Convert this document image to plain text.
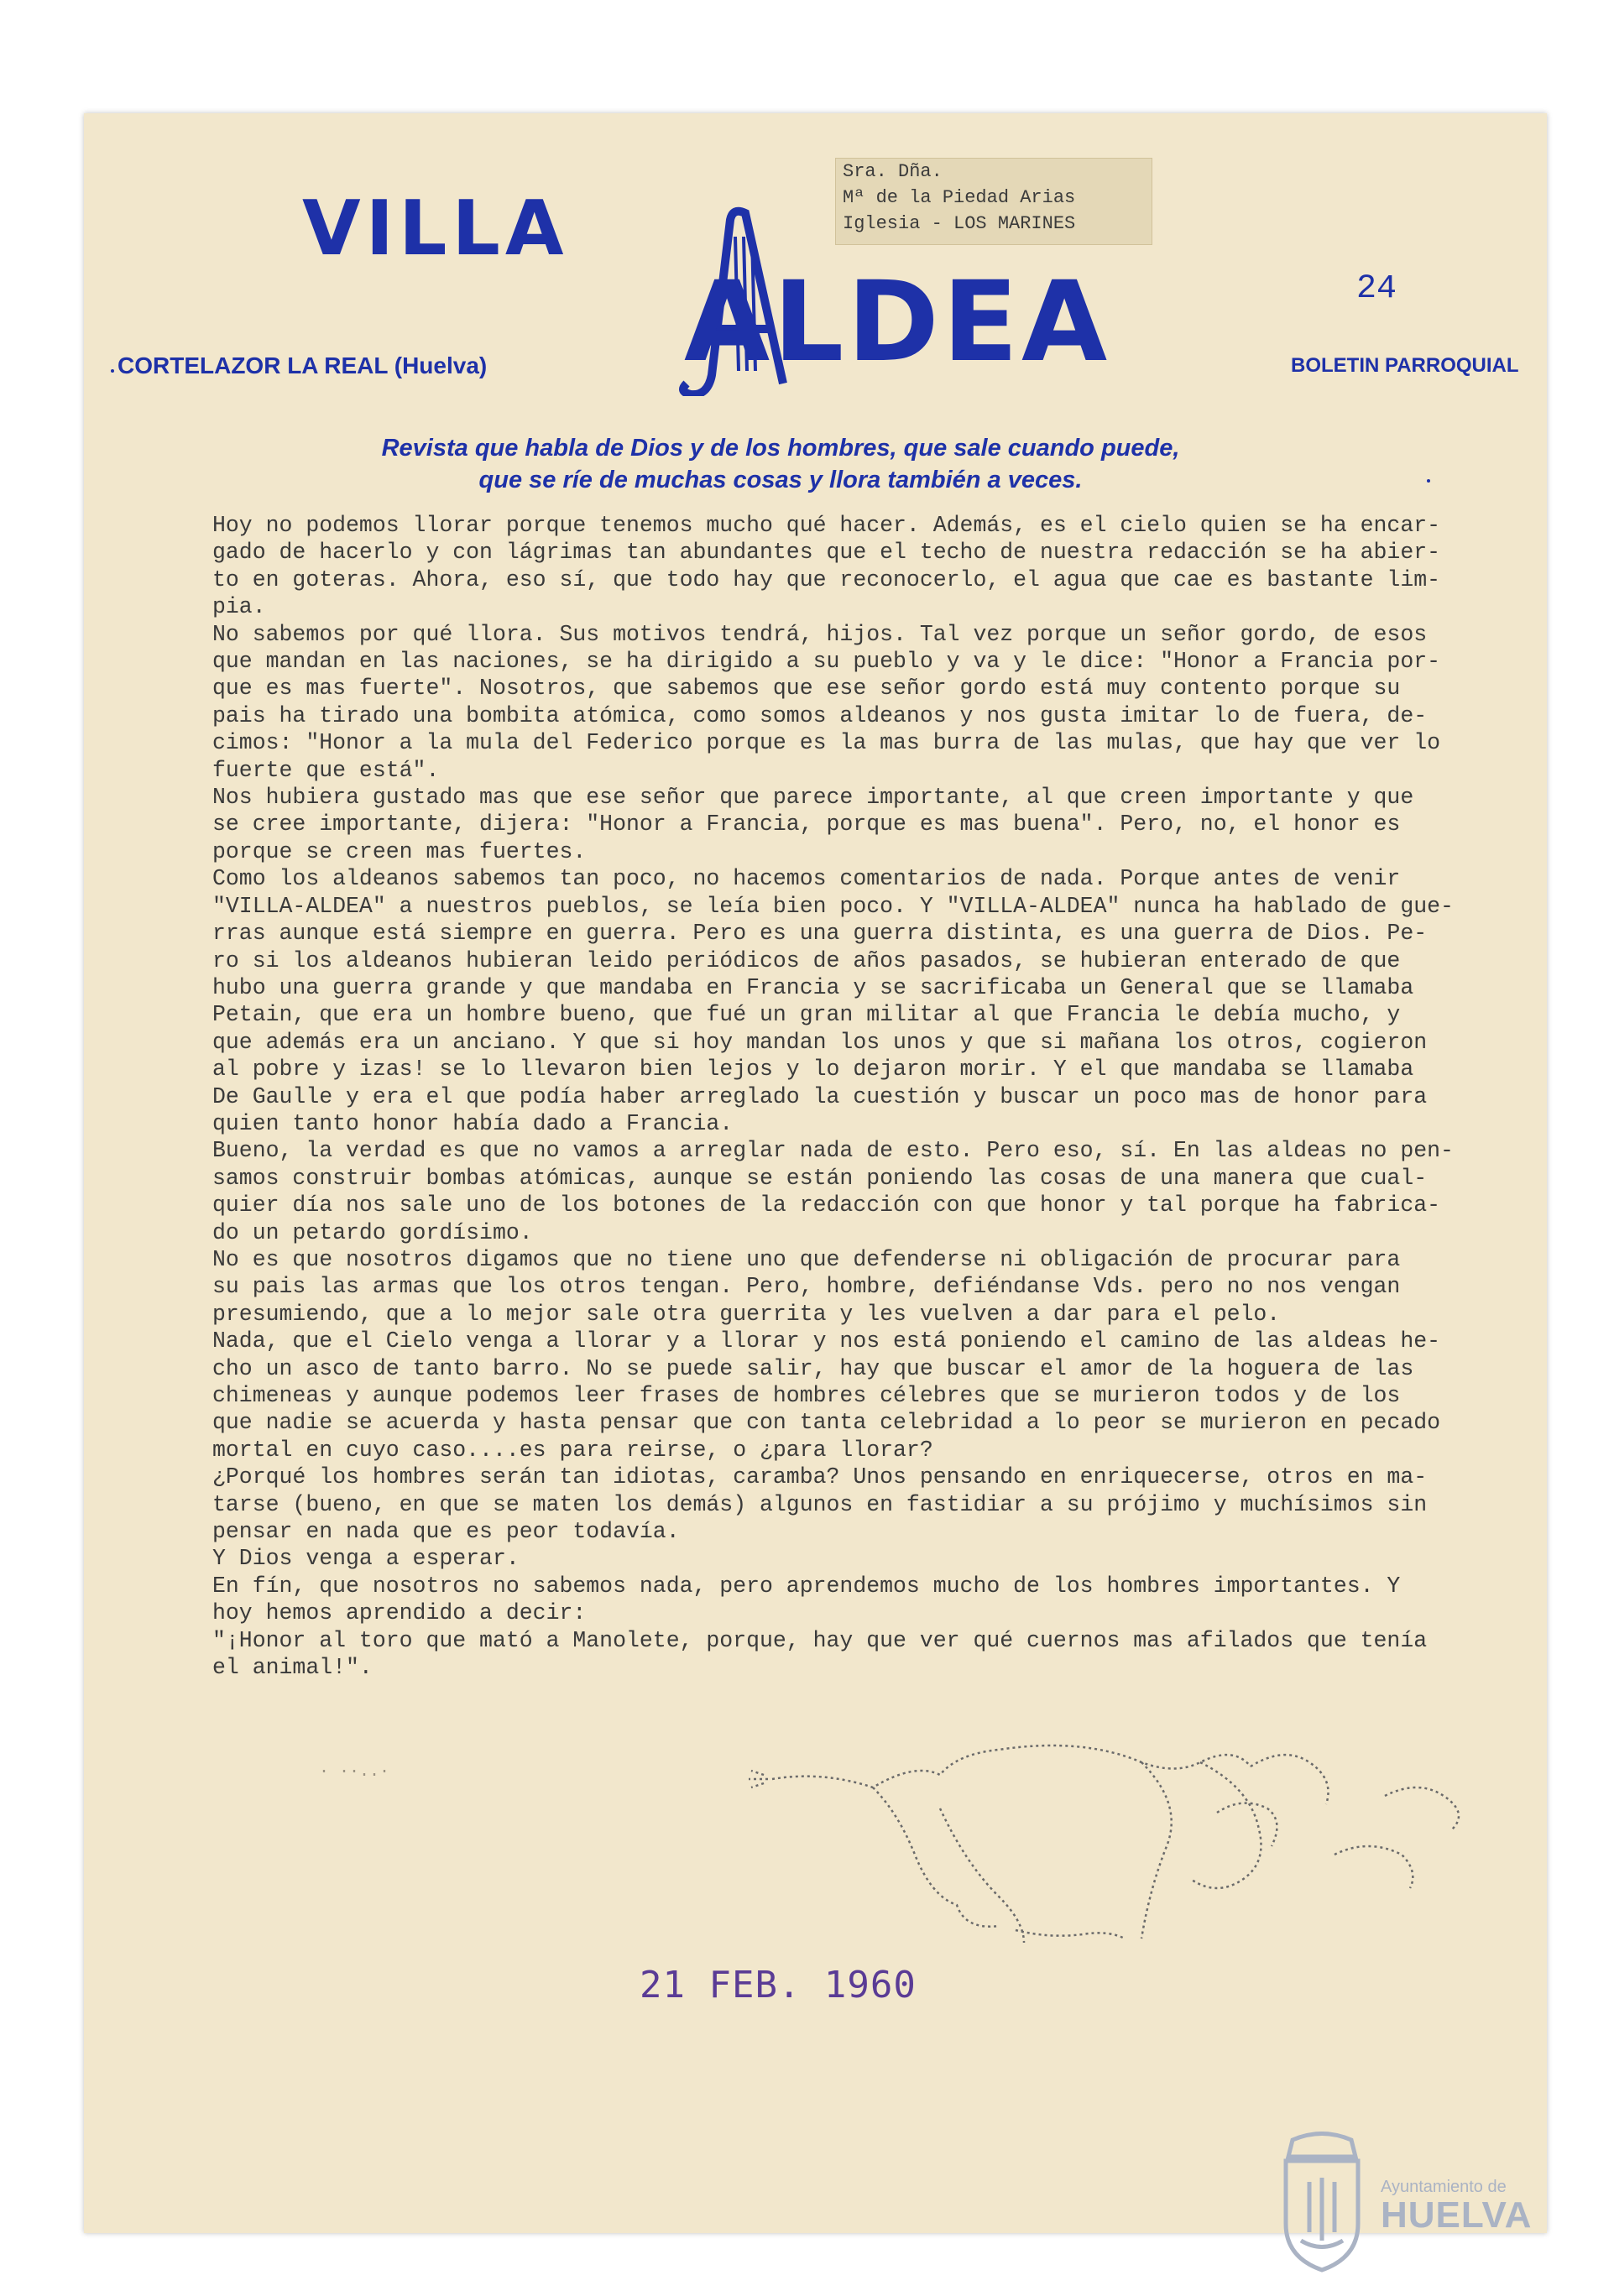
VILLA
ALDEA	24
CORTELAZOR LA REAL (Huelva)	BOLETIN PARROQUIAL
Sra. Dña.
Mª de la Piedad Arias
Iglesia - LOS MARINES
Revista que habla de Dios y de los hombres, que sale cuando puede,
que se ríe de muchas cosas y llora también a veces.
Hoy no podemos llorar porque tenemos mucho qué hacer. Además, es el cielo quien se ha encar-
gado de hacerlo y con lágrimas tan abundantes que el techo de nuestra redacción se ha abier-
to en goteras. Ahora, eso sí, que todo hay que reconocerlo, el agua que cae es bastante lim-
pia.
No sabemos por qué llora. Sus motivos tendrá, hijos. Tal vez porque un señor gordo, de esos
que mandan en las naciones, se ha dirigido a su pueblo y va y le dice: "Honor a Francia por-
que es mas fuerte". Nosotros, que sabemos que ese señor gordo está muy contento porque su
pais ha tirado una bombita atómica, como somos aldeanos y nos gusta imitar lo de fuera, de-
cimos: "Honor a la mula del Federico porque es la mas burra de las mulas, que hay que ver lo
fuerte que está".
Nos hubiera gustado mas que ese señor que parece importante, al que creen importante y que
se cree importante, dijera: "Honor a Francia, porque es mas buena". Pero, no, el honor es
porque se creen mas fuertes.
Como los aldeanos sabemos tan poco, no hacemos comentarios de nada. Porque antes de venir
"VILLA-ALDEA" a nuestros pueblos, se leía bien poco. Y "VILLA-ALDEA" nunca ha hablado de gue-
rras aunque está siempre en guerra. Pero es una guerra distinta, es una guerra de Dios. Pe-
ro si los aldeanos hubieran leido periódicos de años pasados, se hubieran enterado de que
hubo una guerra grande y que mandaba en Francia y se sacrificaba un General que se llamaba
Petain, que era un hombre bueno, que fué un gran militar al que Francia le debía mucho, y
que además era un anciano. Y que si hoy mandan los unos y que si mañana los otros, cogieron
al pobre y izas! se lo llevaron bien lejos y lo dejaron morir. Y el que mandaba se llamaba
De Gaulle y era el que podía haber arreglado la cuestión y buscar un poco mas de honor para
quien tanto honor había dado a Francia.
Bueno, la verdad es que no vamos a arreglar nada de esto. Pero eso, sí. En las aldeas no pen-
samos construir bombas atómicas, aunque se están poniendo las cosas de una manera que cual-
quier día nos sale uno de los botones de la redacción con que honor y tal porque ha fabrica-
do un petardo gordísimo.
No es que nosotros digamos que no tiene uno que defenderse ni obligación de procurar para
su pais las armas que los otros tengan. Pero, hombre, defiéndanse Vds. pero no nos vengan
presumiendo, que a lo mejor sale otra guerrita y les vuelven a dar para el pelo.
Nada, que el Cielo venga a llorar y a llorar y nos está poniendo el camino de las aldeas he-
cho un asco de tanto barro. No se puede salir, hay que buscar el amor de la hoguera de las
chimeneas y aunque podemos leer frases de hombres célebres que se murieron todos y de los
que nadie se acuerda y hasta pensar que con tanta celebridad a lo peor se murieron en pecado
mortal en cuyo caso....es para reirse, o ¿para llorar?
¿Porqué los hombres serán tan idiotas, caramba? Unos pensando en enriquecerse, otros en ma-
tarse (bueno, en que se maten los demás) algunos en fastidiar a su prójimo y muchísimos sin
pensar en nada que es peor todavía.
Y Dios venga a esperar.
En fín, que nosotros no sabemos nada, pero aprendemos mucho de los hombres importantes. Y
hoy hemos aprendido a decir:
"¡Honor al toro que mató a Manolete, porque, hay que ver qué cuernos mas afilados que tenía
el animal!".
· ··..·
21 FEB. 1960
Ayuntamiento de
HUELVA
